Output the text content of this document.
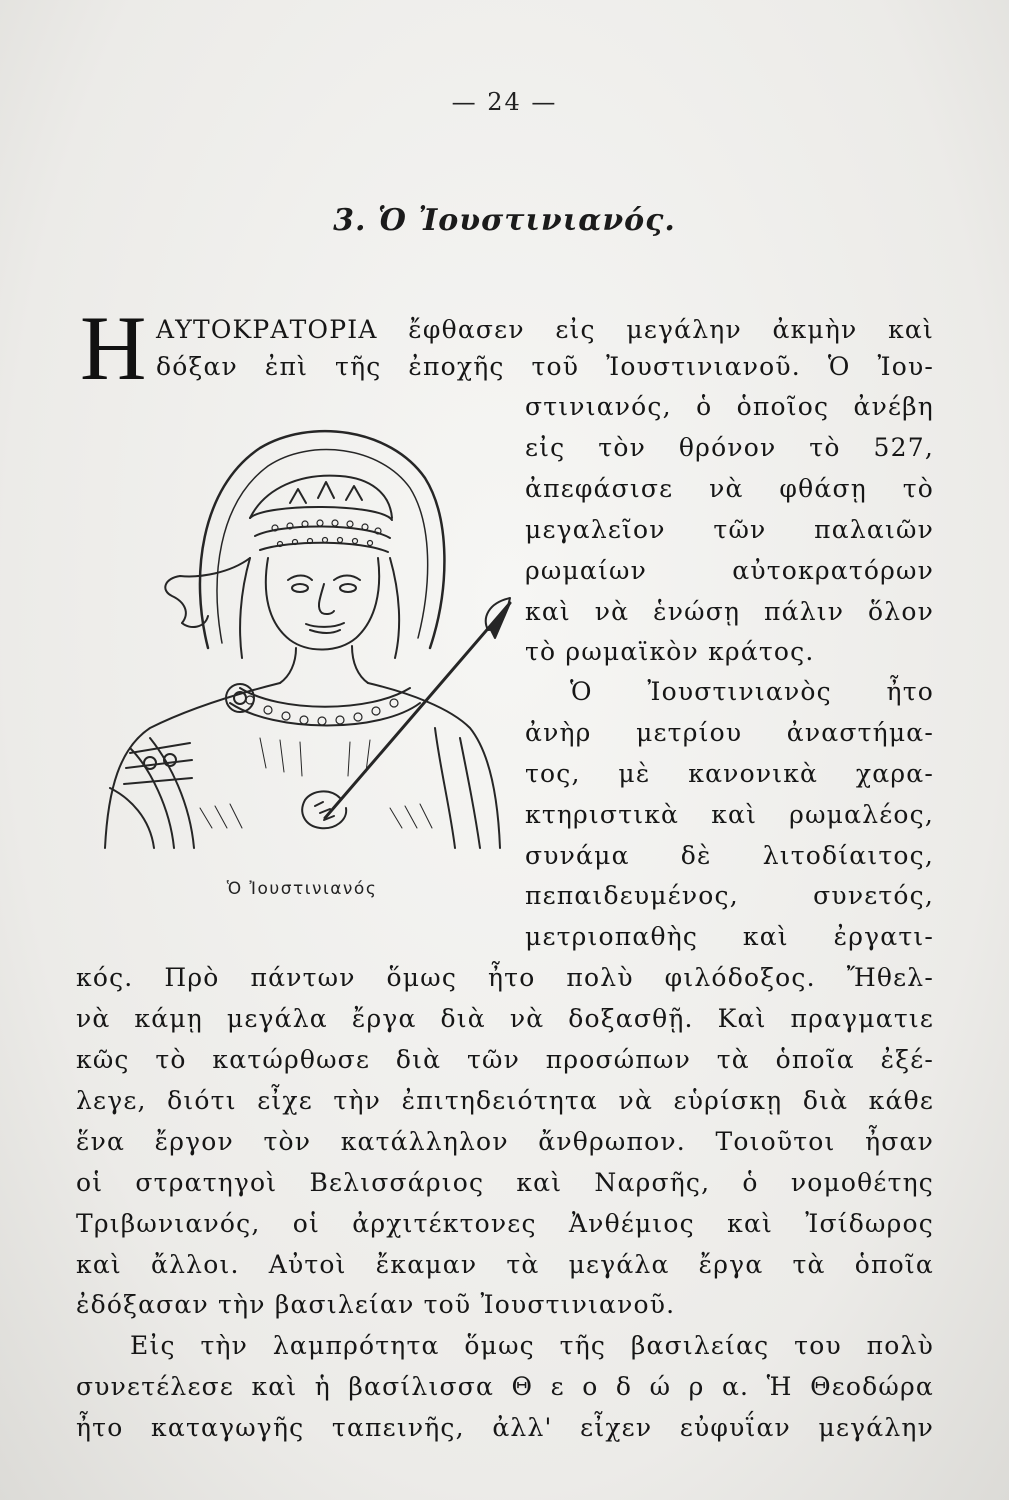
— 24 —
3. Ὁ Ἰουστινιανός.
Η ΑΥΤΟΚΡΑΤΟΡΙΑ ἔφθασεν εἰς μεγάλην ἀκμὴν καὶ
δόξαν ἐπὶ τῆς ἐποχῆς τοῦ Ἰουστινιανοῦ. Ὁ Ἰου-
στινιανός, ὁ ὁποῖος ἀνέβη
εἰς τὸν θρόνον τὸ 527,
ἀπεφάσισε νὰ φθάσῃ τὸ
μεγαλεῖον τῶν παλαιῶν
ρωμαίων αὐτοκρατόρων
καὶ νὰ ἑνώσῃ πάλιν ὅλον
τὸ ρωμαϊκὸν κράτος.
Ὁ Ἰουστινιανὸς ἦτο
ἀνὴρ μετρίου ἀναστήμα-
τος, μὲ κανονικὰ χαρα-
κτηριστικὰ καὶ ρωμαλέος,
συνάμα δὲ λιτοδίαιτος,
πεπαιδευμένος, συνετός,
μετριοπαθὴς καὶ ἐργατι-
κός. Πρὸ πάντων ὅμως ἦτο πολὺ φιλόδοξος. Ἤθελ-
νὰ κάμῃ μεγάλα ἔργα διὰ νὰ δοξασθῇ. Καὶ πραγματιε
κῶς τὸ κατώρθωσε διὰ τῶν προσώπων τὰ ὁποῖα ἐξέ-
λεγε, διότι εἶχε τὴν ἐπιτηδειότητα νὰ εὑρίσκῃ διὰ κάθε
ἕνα ἔργον τὸν κατάλληλον ἄνθρωπον. Τοιοῦτοι ἦσαν
οἱ στρατηγοὶ Βελισσάριος καὶ Ναρσῆς, ὁ νομοθέτης
Τριβωνιανός, οἱ ἀρχιτέκτονες Ἀνθέμιος καὶ Ἰσίδωρος
καὶ ἄλλοι. Αὐτοὶ ἔκαμαν τὰ μεγάλα ἔργα τὰ ὁποῖα
ἐδόξασαν τὴν βασιλείαν τοῦ Ἰουστινιανοῦ.
Εἰς τὴν λαμπρότητα ὅμως τῆς βασιλείας του πολὺ
συνετέλεσε καὶ ἡ βασίλισσα Θ ε ο δ ώ ρ α. Ἡ Θεοδώρα
ἦτο καταγωγῆς ταπεινῆς, ἀλλ' εἶχεν εὐφυΐαν μεγάλην
Ὁ Ἰουστινιανός
